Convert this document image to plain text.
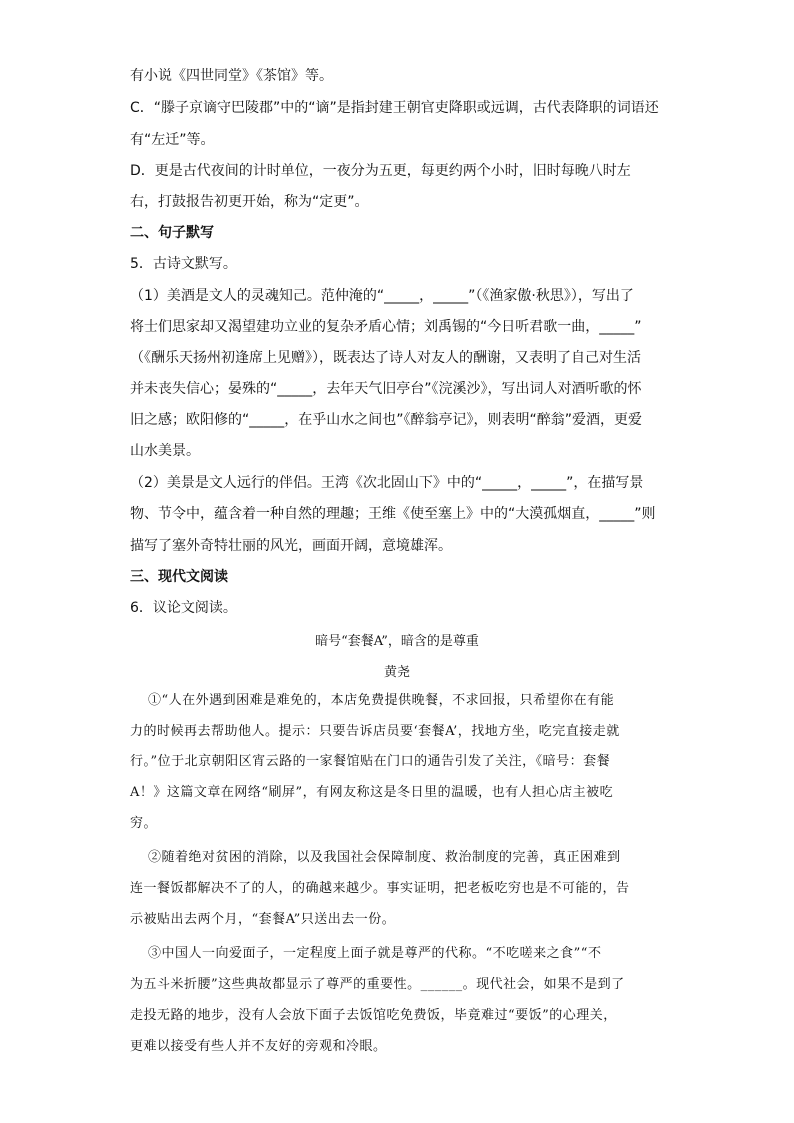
有小说《四世同堂》《茶馆》等。
C．“滕子京谪守巴陵郡”中的“谪”是指封建王朝官吏降职或远调，古代表降职的词语还
有“左迁”等。
D．更是古代夜间的计时单位，一夜分为五更，每更约两个小时，旧时每晚八时左
右，打鼓报告初更开始，称为“定更”。
二、句子默写
5．古诗文默写。
（1）美酒是文人的灵魂知己。范仲淹的“_____，_____”（《渔家傲·秋思》），写出了
将士们思家却又渴望建功立业的复杂矛盾心情；刘禹锡的“今日听君歌一曲，_____”
（《酬乐天扬州初逢席上见赠》），既表达了诗人对友人的酬谢，又表明了自己对生活
并未丧失信心；晏殊的“_____，去年天气旧亭台”《浣溪沙》，写出词人对酒听歌的怀
旧之感；欧阳修的“_____，在乎山水之间也”《醉翁亭记》，则表明“醉翁”爱酒，更爱
山水美景。
（2）美景是文人远行的伴侣。王湾《次北固山下》中的“_____，_____”，在描写景
物、节令中，蕴含着一种自然的理趣；王维《使至塞上》中的“大漠孤烟直，_____”则
描写了塞外奇特壮丽的风光，画面开阔，意境雄浑。
三、现代文阅读
6．议论文阅读。
暗号“套餐A”，暗含的是尊重
黄尧
①“人在外遇到困难是难免的，本店免费提供晚餐，不求回报，只希望你在有能
力的时候再去帮助他人。提示：只要告诉店员要‘套餐A’，找地方坐，吃完直接走就
行。”位于北京朝阳区宵云路的一家餐馆贴在门口的通告引发了关注，《暗号：套餐
A！》这篇文章在网络“刷屏”，有网友称这是冬日里的温暖，也有人担心店主被吃
穷。
②随着绝对贫困的消除，以及我国社会保障制度、救治制度的完善，真正困难到
连一餐饭都解决不了的人，的确越来越少。事实证明，把老板吃穷也是不可能的，告
示被贴出去两个月，“套餐A”只送出去一份。
③中国人一向爱面子，一定程度上面子就是尊严的代称。“不吃嗟来之食”“不
为五斗米折腰”这些典故都显示了尊严的重要性。______。现代社会，如果不是到了
走投无路的地步，没有人会放下面子去饭馆吃免费饭，毕竟难过“要饭”的心理关，
更难以接受有些人并不友好的旁观和冷眼。
